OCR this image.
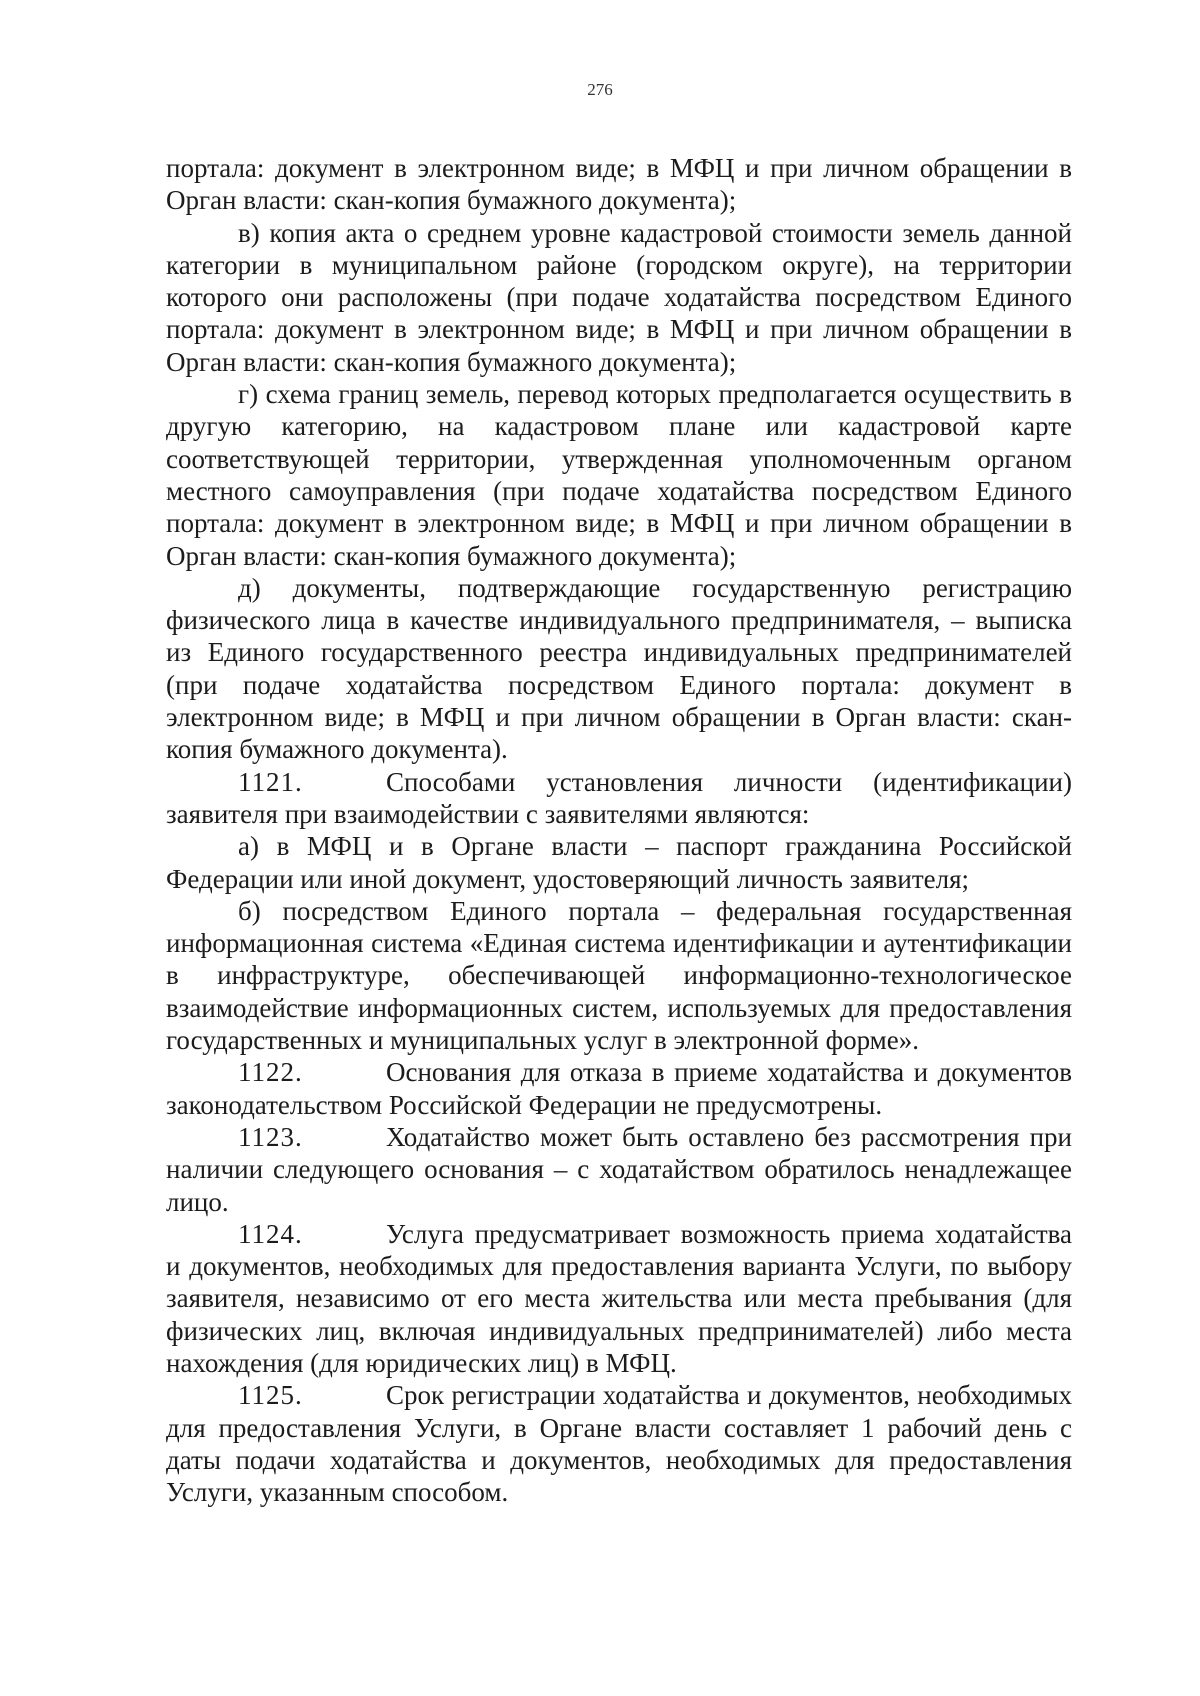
276

портала: документ в электронном виде; в МФЦ и при личном обращении в Орган власти: скан-копия бумажного документа);

в) копия акта о среднем уровне кадастровой стоимости земель данной категории в муниципальном районе (городском округе), на территории которого они расположены (при подаче ходатайства посредством Единого портала: документ в электронном виде; в МФЦ и при личном обращении в Орган власти: скан-копия бумажного документа);

г) схема границ земель, перевод которых предполагается осуществить в другую категорию, на кадастровом плане или кадастровой карте соответствующей территории, утвержденная уполномоченным органом местного самоуправления (при подаче ходатайства посредством Единого портала: документ в электронном виде; в МФЦ и при личном обращении в Орган власти: скан-копия бумажного документа);

д) документы, подтверждающие государственную регистрацию физического лица в качестве индивидуального предпринимателя, – выписка из Единого государственного реестра индивидуальных предпринимателей (при подаче ходатайства посредством Единого портала: документ в электронном виде; в МФЦ и при личном обращении в Орган власти: скан-копия бумажного документа).

1121.	Способами установления личности (идентификации) заявителя при взаимодействии с заявителями являются:

а) в МФЦ и в Органе власти – паспорт гражданина Российской Федерации или иной документ, удостоверяющий личность заявителя;

б) посредством Единого портала – федеральная государственная информационная система «Единая система идентификации и аутентификации в инфраструктуре, обеспечивающей информационно-технологическое взаимодействие информационных систем, используемых для предоставления государственных и муниципальных услуг в электронной форме».

1122.	Основания для отказа в приеме ходатайства и документов законодательством Российской Федерации не предусмотрены.

1123.	Ходатайство может быть оставлено без рассмотрения при наличии следующего основания – с ходатайством обратилось ненадлежащее лицо.

1124.	Услуга предусматривает возможность приема ходатайства и документов, необходимых для предоставления варианта Услуги, по выбору заявителя, независимо от его места жительства или места пребывания (для физических лиц, включая индивидуальных предпринимателей) либо места нахождения (для юридических лиц) в МФЦ.

1125.	Срок регистрации ходатайства и документов, необходимых для предоставления Услуги, в Органе власти составляет 1 рабочий день с даты подачи ходатайства и документов, необходимых для предоставления Услуги, указанным способом.
